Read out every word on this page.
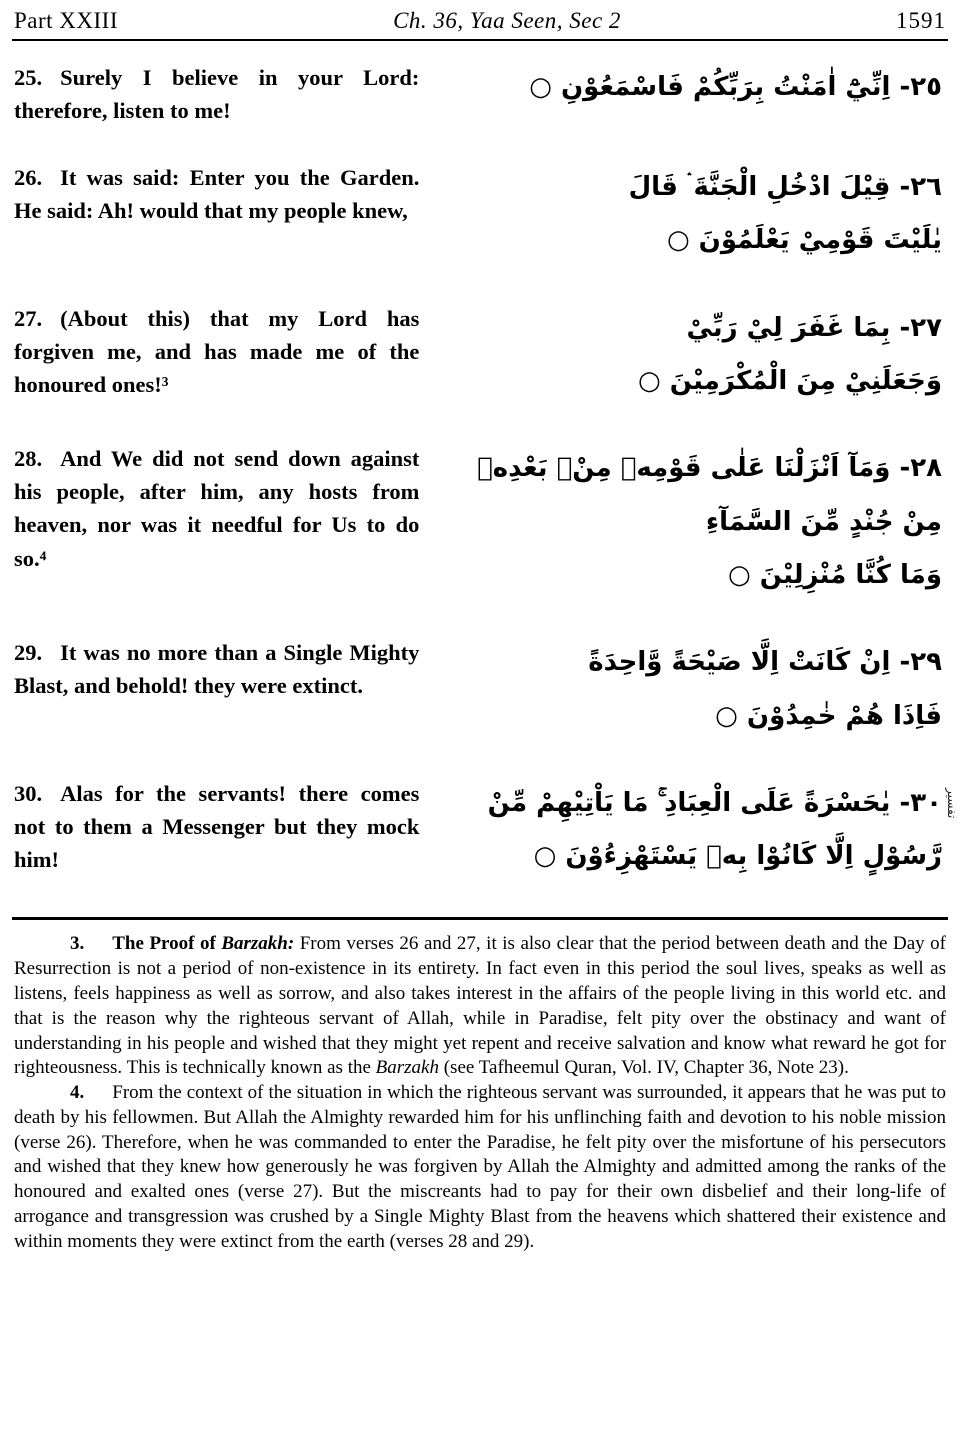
Part XXIII	Ch. 36, Yaa Seen, Sec 2	1591

25. Surely I believe in your Lord: therefore, listen to me!

٢٥- اِنِّيْٓ اٰمَنْتُ بِرَبِّكُمْ فَاسْمَعُوْنِ ○

26. It was said: Enter you the Garden. He said: Ah! would that my people knew,

٢٦- قِيْلَ ادْخُلِ الْجَنَّةَ ۛ قَالَ
يٰلَيْتَ قَوْمِيْ يَعْلَمُوْنَ ○

27. (About this) that my Lord has forgiven me, and has made me of the honoured ones!³

٢٧- بِمَا غَفَرَ لِيْ رَبِّيْ
وَجَعَلَنِيْ مِنَ الْمُكْرَمِيْنَ ○

28. And We did not send down against his people, after him, any hosts from heaven, nor was it needful for Us to do so.⁴

٢٨- وَمَآ اَنْزَلْنَا عَلٰى قَوْمِهٖ مِنْۢ بَعْدِهٖ
مِنْ جُنْدٍ مِّنَ السَّمَآءِ
وَمَا كُنَّا مُنْزِلِيْنَ ○

29. It was no more than a Single Mighty Blast, and behold! they were extinct.

٢٩- اِنْ كَانَتْ اِلَّا صَيْحَةً وَّاحِدَةً
فَاِذَا هُمْ خٰمِدُوْنَ ○

30. Alas for the servants! there comes not to them a Messenger but they mock him!

٣٠- يٰحَسْرَةً عَلَى الْعِبَادِ ۚ مَا يَاْتِيْهِمْ مِّنْ
رَّسُوْلٍ اِلَّا كَانُوْا بِهٖ يَسْتَهْزِءُوْنَ ○

3. The Proof of Barzakh: From verses 26 and 27, it is also clear that the period between death and the Day of Resurrection is not a period of non-existence in its entirety. In fact even in this period the soul lives, speaks as well as listens, feels happiness as well as sorrow, and also takes interest in the affairs of the people living in this world etc. and that is the reason why the righteous servant of Allah, while in Paradise, felt pity over the obstinacy and want of understanding in his people and wished that they might yet repent and receive salvation and know what reward he got for righteousness. This is technically known as the Barzakh (see Tafheemul Quran, Vol. IV, Chapter 36, Note 23).

4. From the context of the situation in which the righteous servant was surrounded, it appears that he was put to death by his fellowmen. But Allah the Almighty rewarded him for his unflinching faith and devotion to his noble mission (verse 26). Therefore, when he was commanded to enter the Paradise, he felt pity over the misfortune of his persecutors and wished that they knew how generously he was forgiven by Allah the Almighty and admitted among the ranks of the honoured and exalted ones (verse 27). But the miscreants had to pay for their own disbelief and their long-life of arrogance and transgression was crushed by a Single Mighty Blast from the heavens which shattered their existence and within moments they were extinct from the earth (verses 28 and 29).

تفسير
